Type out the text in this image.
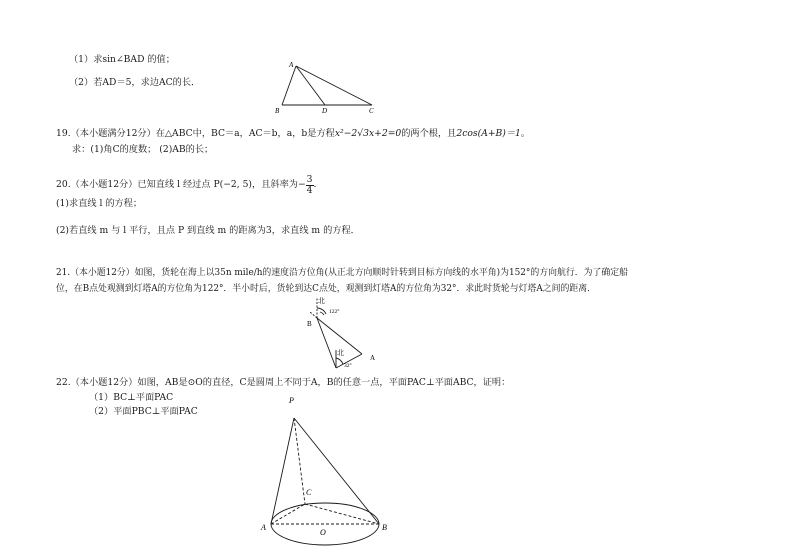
（1）求sin∠BAD 的值；
（2）若AD＝5，求边AC的长．
A
B	D	C
19.（本小题满分12分）在△ABC中，BC＝a，AC＝b，a，b是方程x²−2√3x+2=0的两个根，且2cos(A+B)＝1。
求：(1)角C的度数； (2)AB的长；
20.（本小题12分）已知直线 l 经过点 P(−2, 5)，且斜率为 − $\frac{3}{4}$ .
(1)求直线 l 的方程；
(2)若直线 m 与 l 平行，且点 P 到直线 m 的距离为3，求直线 m 的方程．
21.（本小题12分）如图，货轮在海上以35n mile/h的速度沿方位角(从正北方向顺时针转到目标方向线的水平角)为152°的方向航行．为了确定船
位，在B点处观测到灯塔A的方位角为122°．半小时后，货轮到达C点处，观测到灯塔A的方位角为32°．求此时货轮与灯塔A之间的距离．
北
122°
B
北
32°
A
22.（本小题12分）如图，AB是⊙O的直径，C是圆周上不同于A，B的任意一点，平面PAC⊥平面ABC，证明：
（1）BC⊥平面PAC
（2）平面PBC⊥平面PAC
P
C
A
O
B
